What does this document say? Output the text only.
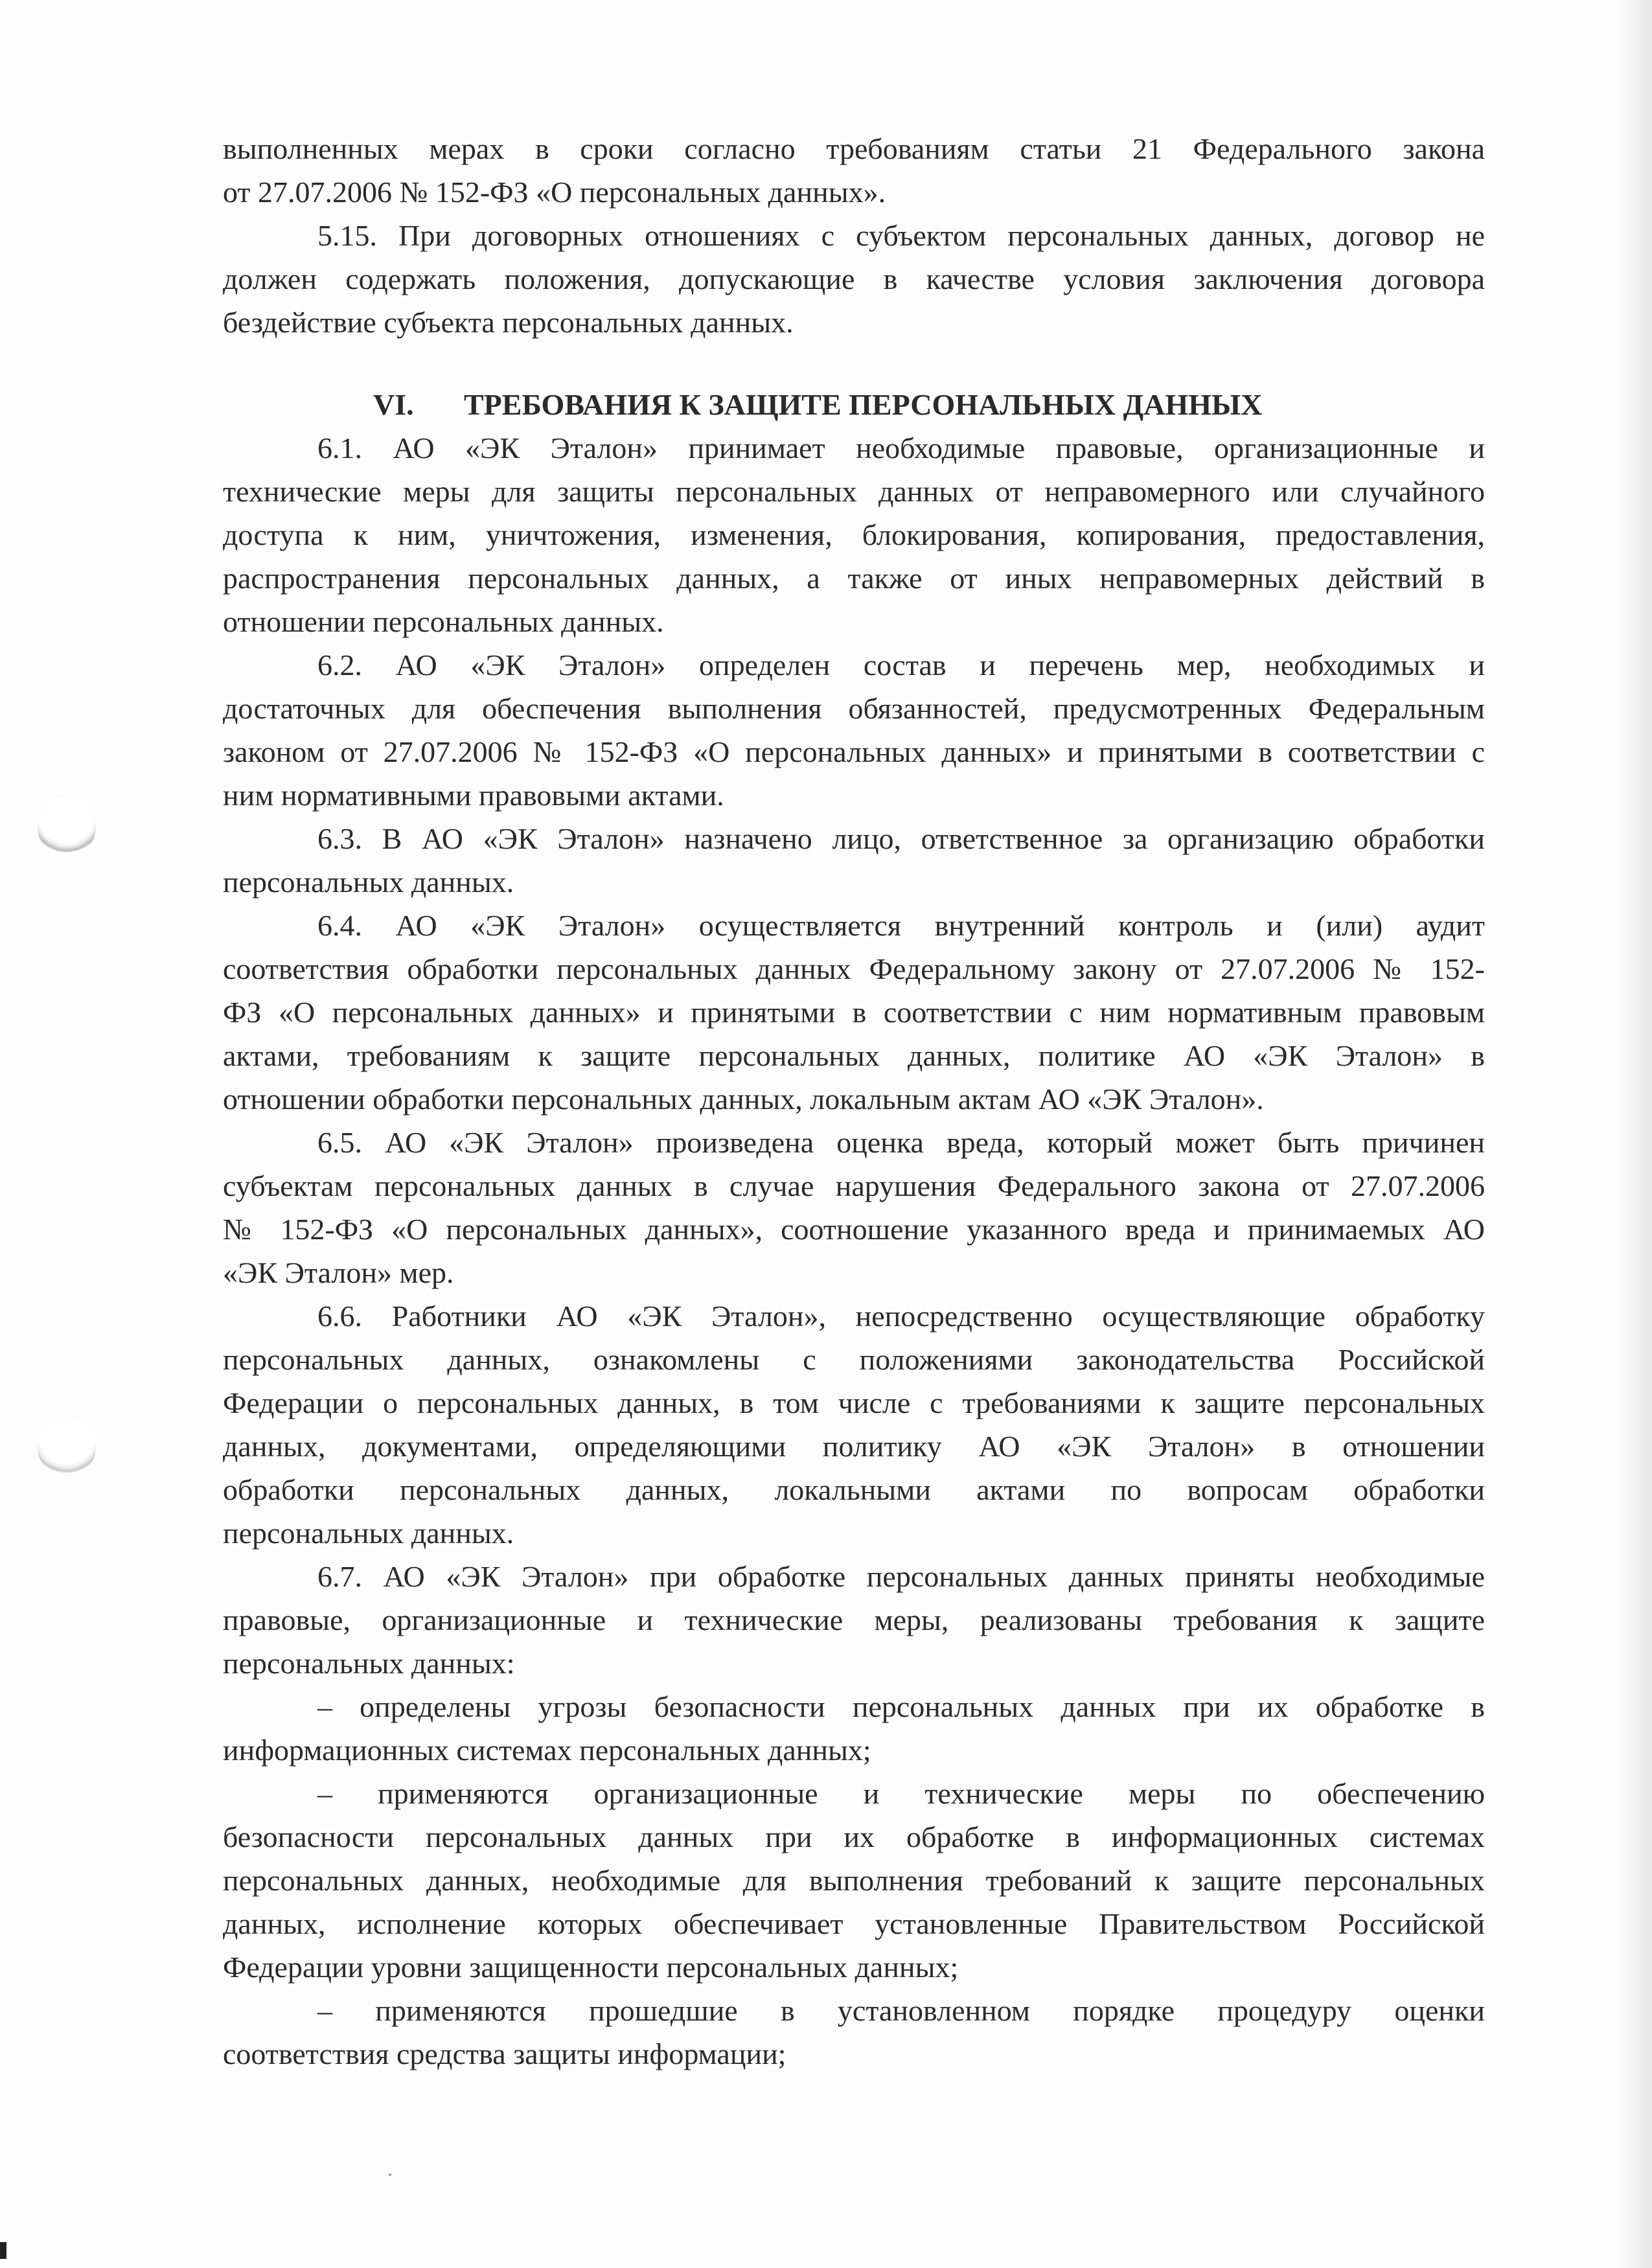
выполненных мерах в сроки согласно требованиям статьи 21 Федерального закона
от 27.07.2006 № 152-ФЗ «О персональных данных».
5.15. При договорных отношениях с субъектом персональных данных, договор не
должен содержать положения, допускающие в качестве условия заключения договора
бездействие субъекта персональных данных.
VI. ТРЕБОВАНИЯ К ЗАЩИТЕ ПЕРСОНАЛЬНЫХ ДАННЫХ
6.1. АО «ЭК Эталон» принимает необходимые правовые, организационные и
технические меры для защиты персональных данных от неправомерного или случайного
доступа к ним, уничтожения, изменения, блокирования, копирования, предоставления,
распространения персональных данных, а также от иных неправомерных действий в
отношении персональных данных.
6.2. АО «ЭК Эталон» определен состав и перечень мер, необходимых и
достаточных для обеспечения выполнения обязанностей, предусмотренных Федеральным
законом от 27.07.2006 № 152-ФЗ «О персональных данных» и принятыми в соответствии с
ним нормативными правовыми актами.
6.3. В АО «ЭК Эталон» назначено лицо, ответственное за организацию обработки
персональных данных.
6.4. АО «ЭК Эталон» осуществляется внутренний контроль и (или) аудит
соответствия обработки персональных данных Федеральному закону от 27.07.2006 № 152-
ФЗ «О персональных данных» и принятыми в соответствии с ним нормативным правовым
актами, требованиям к защите персональных данных, политике АО «ЭК Эталон» в
отношении обработки персональных данных, локальным актам АО «ЭК Эталон».
6.5. АО «ЭК Эталон» произведена оценка вреда, который может быть причинен
субъектам персональных данных в случае нарушения Федерального закона от 27.07.2006
№ 152-ФЗ «О персональных данных», соотношение указанного вреда и принимаемых АО
«ЭК Эталон» мер.
6.6. Работники АО «ЭК Эталон», непосредственно осуществляющие обработку
персональных данных, ознакомлены с положениями законодательства Российской
Федерации о персональных данных, в том числе с требованиями к защите персональных
данных, документами, определяющими политику АО «ЭК Эталон» в отношении
обработки персональных данных, локальными актами по вопросам обработки
персональных данных.
6.7. АО «ЭК Эталон» при обработке персональных данных приняты необходимые
правовые, организационные и технические меры, реализованы требования к защите
персональных данных:
– определены угрозы безопасности персональных данных при их обработке в
информационных системах персональных данных;
– применяются организационные и технические меры по обеспечению
безопасности персональных данных при их обработке в информационных системах
персональных данных, необходимые для выполнения требований к защите персональных
данных, исполнение которых обеспечивает установленные Правительством Российской
Федерации уровни защищенности персональных данных;
– применяются прошедшие в установленном порядке процедуру оценки
соответствия средства защиты информации;
